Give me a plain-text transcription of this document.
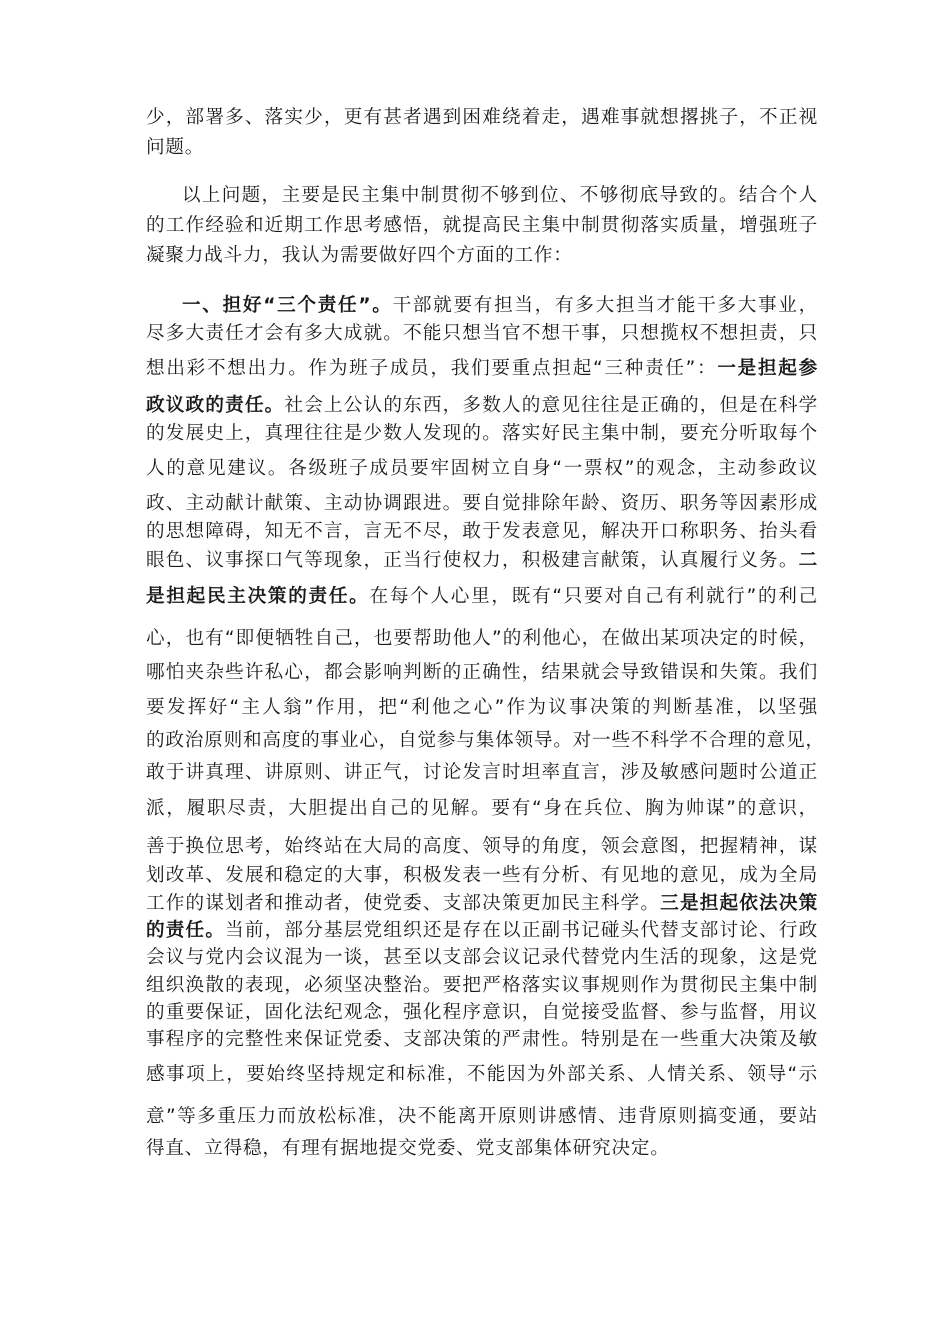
少，部署多、落实少，更有甚者遇到困难绕着走，遇难事就想撂挑子，不正视
问题。
以上问题，主要是民主集中制贯彻不够到位、不够彻底导致的。结合个人
的工作经验和近期工作思考感悟，就提高民主集中制贯彻落实质量，增强班子
凝聚力战斗力，我认为需要做好四个方面的工作：
一、担好“三个责任”。干部就要有担当，有多大担当才能干多大事业，
尽多大责任才会有多大成就。不能只想当官不想干事，只想揽权不想担责，只
想出彩不想出力。作为班子成员，我们要重点担起“三种责任”：一是担起参
政议政的责任。社会上公认的东西，多数人的意见往往是正确的，但是在科学
的发展史上，真理往往是少数人发现的。落实好民主集中制，要充分听取每个
人的意见建议。各级班子成员要牢固树立自身“一票权”的观念，主动参政议
政、主动献计献策、主动协调跟进。要自觉排除年龄、资历、职务等因素形成
的思想障碍，知无不言，言无不尽，敢于发表意见，解决开口称职务、抬头看
眼色、议事探口气等现象，正当行使权力，积极建言献策，认真履行义务。二
是担起民主决策的责任。在每个人心里，既有“只要对自己有利就行”的利己
心，也有“即便牺牲自己，也要帮助他人”的利他心，在做出某项决定的时候，
哪怕夹杂些许私心，都会影响判断的正确性，结果就会导致错误和失策。我们
要发挥好“主人翁”作用，把“利他之心”作为议事决策的判断基准，以坚强
的政治原则和高度的事业心，自觉参与集体领导。对一些不科学不合理的意见，
敢于讲真理、讲原则、讲正气，讨论发言时坦率直言，涉及敏感问题时公道正
派，履职尽责，大胆提出自己的见解。要有“身在兵位、胸为帅谋”的意识，
善于换位思考，始终站在大局的高度、领导的角度，领会意图，把握精神，谋
划改革、发展和稳定的大事，积极发表一些有分析、有见地的意见，成为全局
工作的谋划者和推动者，使党委、支部决策更加民主科学。三是担起依法决策
的责任。当前，部分基层党组织还是存在以正副书记碰头代替支部讨论、行政
会议与党内会议混为一谈，甚至以支部会议记录代替党内生活的现象，这是党
组织涣散的表现，必须坚决整治。要把严格落实议事规则作为贯彻民主集中制
的重要保证，固化法纪观念，强化程序意识，自觉接受监督、参与监督，用议
事程序的完整性来保证党委、支部决策的严肃性。特别是在一些重大决策及敏
感事项上，要始终坚持规定和标准，不能因为外部关系、人情关系、领导“示
意”等多重压力而放松标准，决不能离开原则讲感情、违背原则搞变通，要站
得直、立得稳，有理有据地提交党委、党支部集体研究决定。
